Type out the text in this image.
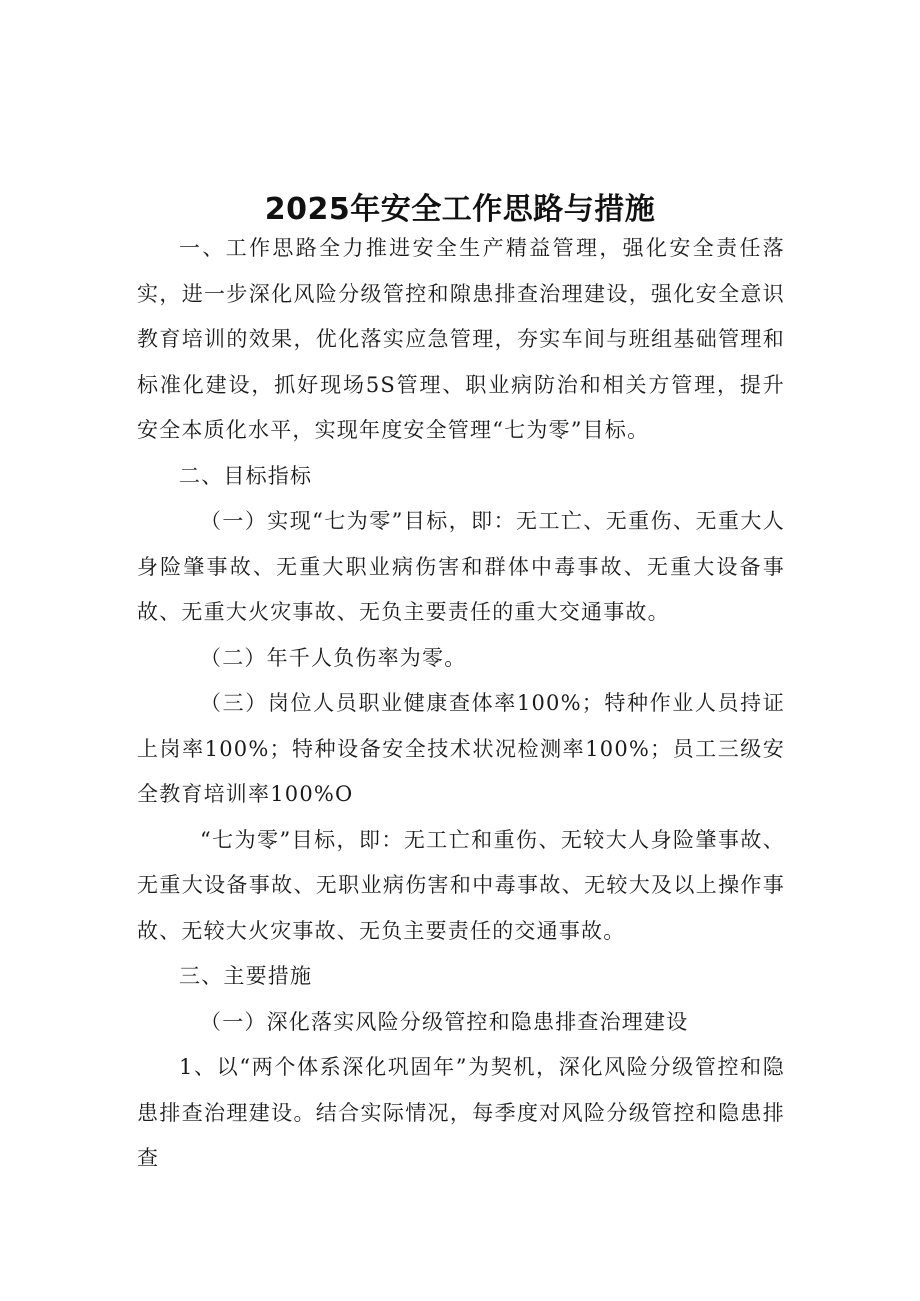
2025年安全工作思路与措施

一、工作思路全力推进安全生产精益管理，强化安全责任落实，进一步深化风险分级管控和隙患排查治理建设，强化安全意识教育培训的效果，优化落实应急管理，夯实车间与班组基础管理和标准化建设，抓好现场5S管理、职业病防治和相关方管理，提升安全本质化水平，实现年度安全管理“七为零”目标。

二、目标指标

（一）实现“七为零”目标，即：无工亡、无重伤、无重大人身险肇事故、无重大职业病伤害和群体中毒事故、无重大设备事故、无重大火灾事故、无负主要责任的重大交通事故。

（二）年千人负伤率为零。

（三）岗位人员职业健康查体率100%；特种作业人员持证上岗率100%；特种设备安全技术状况检测率100%；员工三级安全教育培训率100%O

“七为零”目标，即：无工亡和重伤、无较大人身险肇事故、无重大设备事故、无职业病伤害和中毒事故、无较大及以上操作事故、无较大火灾事故、无负主要责任的交通事故。

三、主要措施

（一）深化落实风险分级管控和隐患排查治理建设

1、以“两个体系深化巩固年”为契机，深化风险分级管控和隐患排查治理建设。结合实际情况，每季度对风险分级管控和隐患排查
